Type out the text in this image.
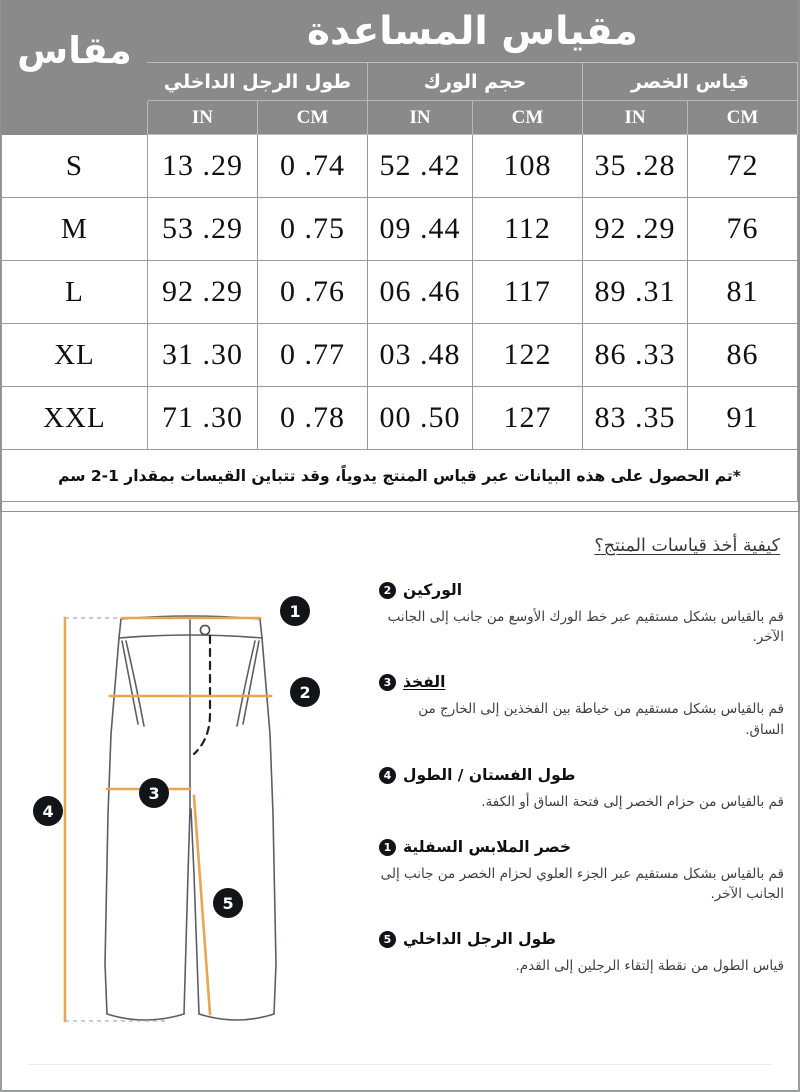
مقياس المساعدة						مقاس
قياس الخصر		حجم الورك		طول الرجل الداخلي		
CM	IN	CM	IN	CM	IN	
72	28. 35	108	42. 52	74. 0	29. 13	S
76	29. 92	112	44. 09	75. 0	29. 53	M
81	31. 89	117	46. 06	76. 0	29. 92	L
86	33. 86	122	48. 03	77. 0	30. 31	XL
91	35. 83	127	50. 00	78. 0	30. 71	XXL
*تم الحصول على هذه البيانات عبر قياس المنتج يدوياً، وقد تتباين القيسات بمقدار 1-2 سم						
كيفية أخذ قياسات المنتج؟
2 الوركين
قم بالقياس بشكل مستقيم عبر خط الورك الأوسع من جانب إلى الجانب الآخر.
3 الفخذ
قم بالقياس بشكل مستقيم من خياطة بين الفخذين إلى الخارج من الساق.
4 طول الفستان / الطول
قم بالقياس من حزام الخصر إلى فتحة الساق أو الكفة.
1 خصر الملابس السفلية
قم بالقياس بشكل مستقيم عبر الجزء العلوي لحزام الخصر من جانب إلى الجانب الآخر.
5 طول الرجل الداخلي
قياس الطول من نقطة إلتقاء الرجلين إلى القدم.
1
2
3
4
5
